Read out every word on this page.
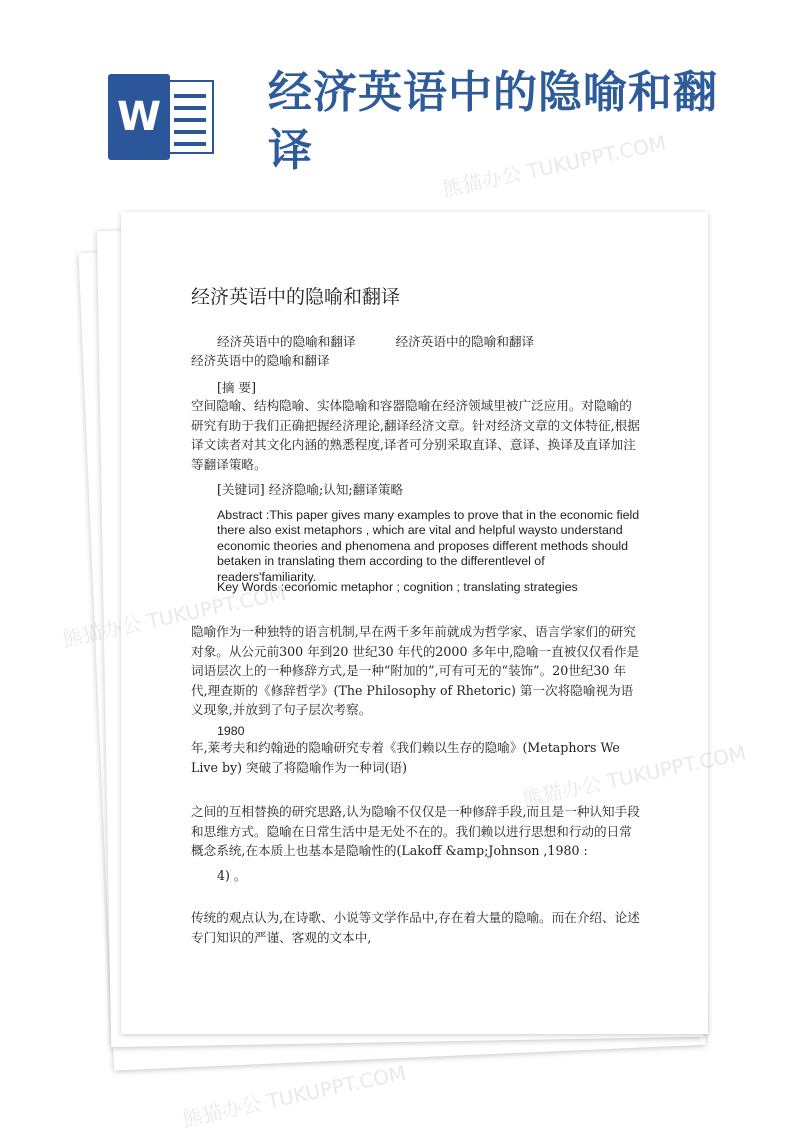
W 经济英语中的隐喻和翻译
经济英语中的隐喻和翻译
经济英语中的隐喻和翻译          经济英语中的隐喻和翻译
经济英语中的隐喻和翻译
[摘 要]
空间隐喻、结构隐喻、实体隐喻和容器隐喻在经济领域里被广泛应用。对隐喻的研究有助于我们正确把握经济理论,翻译经济文章。针对经济文章的文体特征,根据译文读者对其文化内涵的熟悉程度,译者可分别采取直译、意译、换译及直译加注等翻译策略。
[关键词] 经济隐喻;认知;翻译策略
Abstract :This paper gives many examples to prove that in the economic field there also exist metaphors , which are vital and helpful waysto understand economic theories and phenomena and proposes different methods should betaken in translating them according to the differentlevel of readers'familiarity.
Key Words :economic metaphor ; cognition ; translating strategies
隐喻作为一种独特的语言机制,早在两千多年前就成为哲学家、语言学家们的研究对象。从公元前300 年到20 世纪30 年代的2000 多年中,隐喻一直被仅仅看作是词语层次上的一种修辞方式,是一种“附加的”,可有可无的“装饰”。20世纪30 年代,理查斯的《修辞哲学》(The Philosophy of Rhetoric) 第一次将隐喻视为语义现象,并放到了句子层次考察。
1980
年,莱考夫和约翰逊的隐喻研究专着《我们赖以生存的隐喻》(Metaphors We Live by) 突破了将隐喻作为一种词(语)
之间的互相替换的研究思路,认为隐喻不仅仅是一种修辞手段,而且是一种认知手段和思维方式。隐喻在日常生活中是无处不在的。我们赖以进行思想和行动的日常概念系统,在本质上也基本是隐喻性的(Lakoff &amp;Johnson ,1980 :
4) 。
传统的观点认为,在诗歌、小说等文学作品中,存在着大量的隐喻。而在介绍、论述专门知识的严谨、客观的文本中,
熊猫办公 TUKUPPT.COM
熊猫办公 TUKUPPT.COM
